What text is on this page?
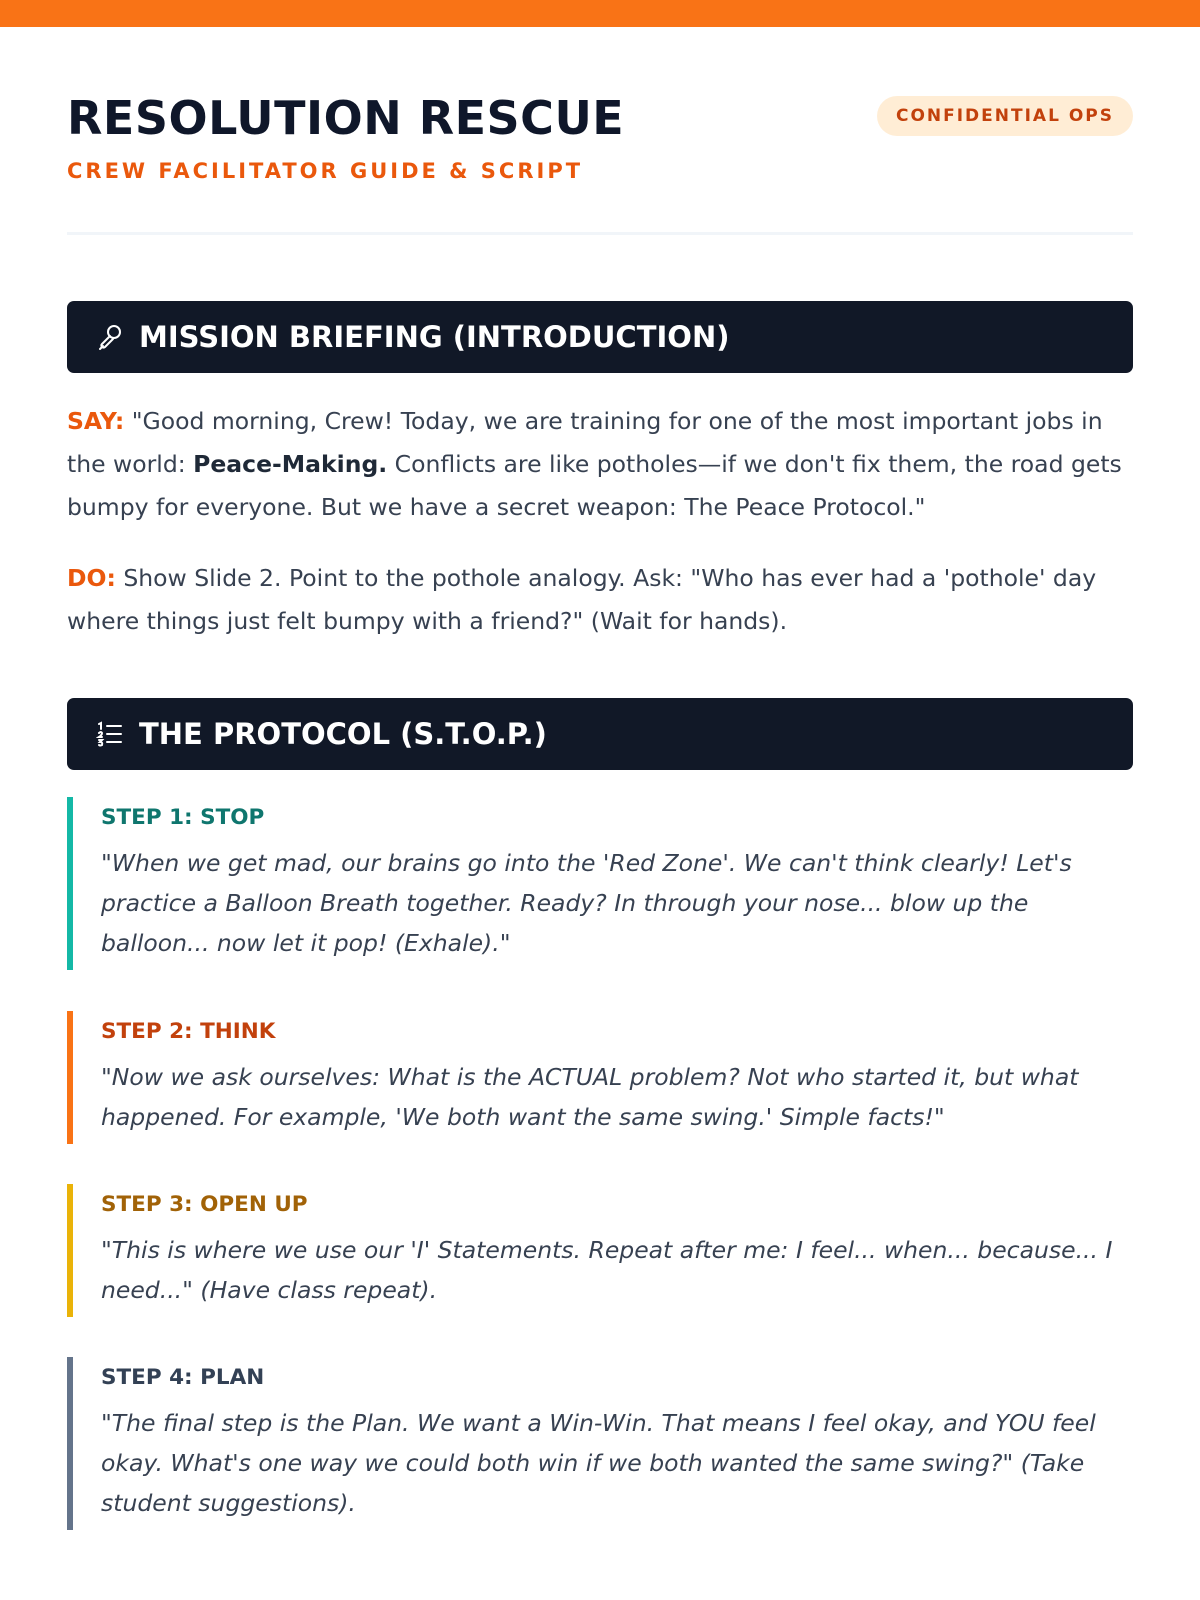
RESOLUTION RESCUE
CREW FACILITATOR GUIDE & SCRIPT
CONFIDENTIAL OPS
MISSION BRIEFING (INTRODUCTION)

SAY: "Good morning, Crew! Today, we are training for one of the most important jobs in the world: Peace-Making. Conflicts are like potholes—if we don't fix them, the road gets bumpy for everyone. But we have a secret weapon: The Peace Protocol."

DO: Show Slide 2. Point to the pothole analogy. Ask: "Who has ever had a 'pothole' day where things just felt bumpy with a friend?" (Wait for hands).

THE PROTOCOL (S.T.O.P.)
STEP 1: STOP

"When we get mad, our brains go into the 'Red Zone'. We can't think clearly! Let's practice a Balloon Breath together. Ready? In through your nose... blow up the balloon... now let it pop! (Exhale)."

STEP 2: THINK

"Now we ask ourselves: What is the ACTUAL problem? Not who started it, but what happened. For example, 'We both want the same swing.' Simple facts!"

STEP 3: OPEN UP

"This is where we use our 'I' Statements. Repeat after me: I feel... when... because... I need..." (Have class repeat).

STEP 4: PLAN

"The final step is the Plan. We want a Win-Win. That means I feel okay, and YOU feel okay. What's one way we could both win if we both wanted the same swing?" (Take student suggestions).
